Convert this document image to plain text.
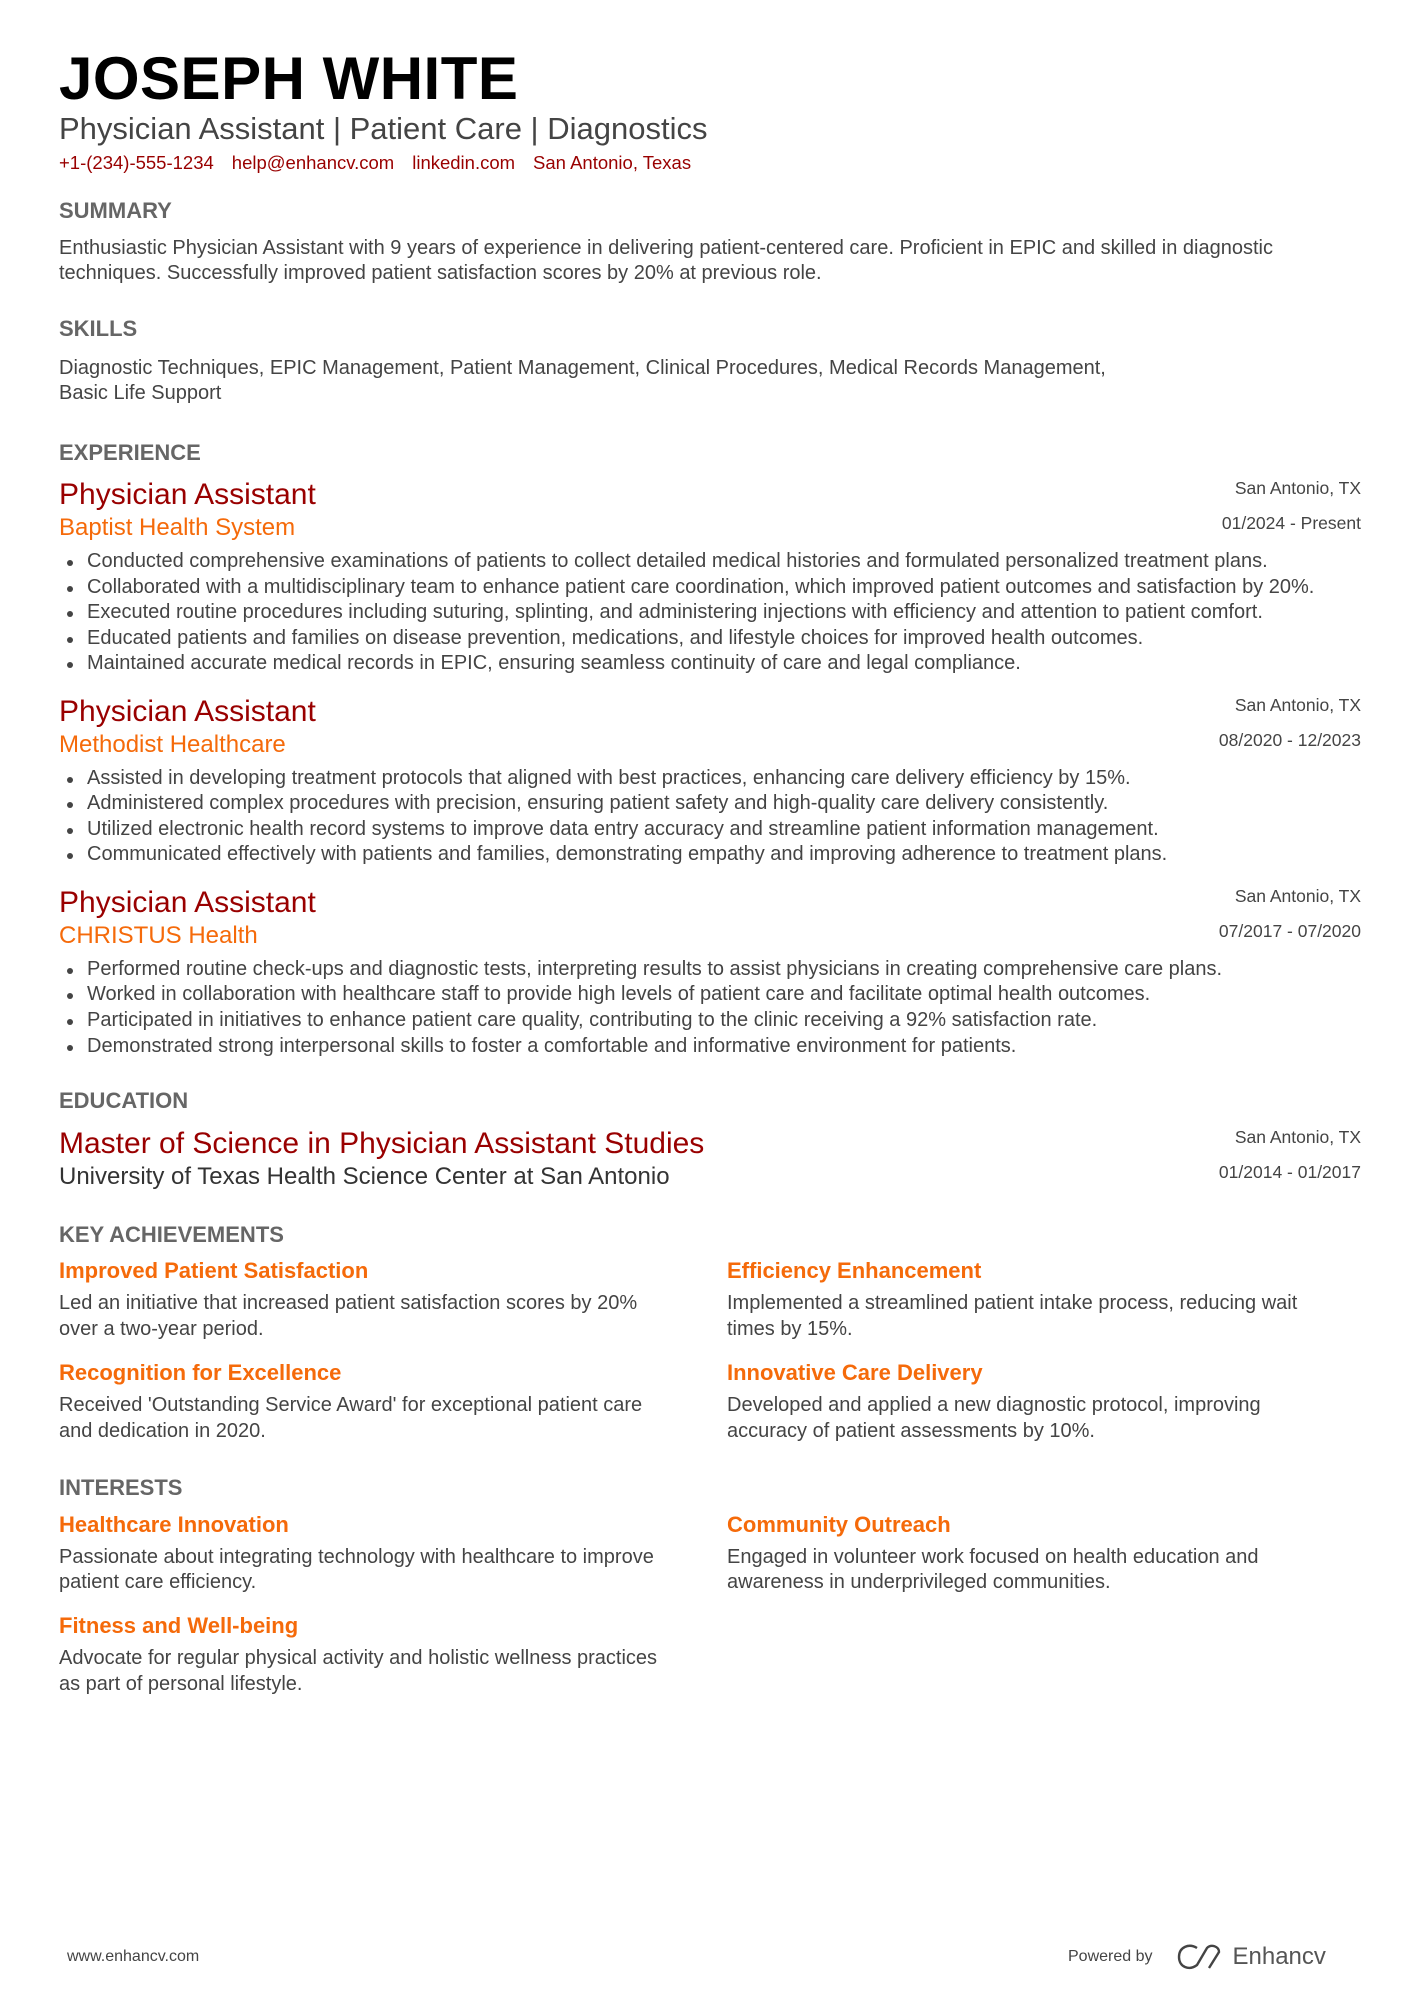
JOSEPH WHITE
Physician Assistant | Patient Care | Diagnostics
+1-(234)-555-1234 help@enhancv.com linkedin.com San Antonio, Texas
SUMMARY
Enthusiastic Physician Assistant with 9 years of experience in delivering patient-centered care. Proficient in EPIC and skilled in diagnostic techniques. Successfully improved patient satisfaction scores by 20% at previous role.
SKILLS
Diagnostic Techniques, EPIC Management, Patient Management, Clinical Procedures, Medical Records Management,
Basic Life Support
EXPERIENCE
Physician Assistant
Baptist Health System
San Antonio, TX
01/2024 - Present
Conducted comprehensive examinations of patients to collect detailed medical histories and formulated personalized treatment plans.
Collaborated with a multidisciplinary team to enhance patient care coordination, which improved patient outcomes and satisfaction by 20%.
Executed routine procedures including suturing, splinting, and administering injections with efficiency and attention to patient comfort.
Educated patients and families on disease prevention, medications, and lifestyle choices for improved health outcomes.
Maintained accurate medical records in EPIC, ensuring seamless continuity of care and legal compliance.
Physician Assistant
Methodist Healthcare
San Antonio, TX
08/2020 - 12/2023
Assisted in developing treatment protocols that aligned with best practices, enhancing care delivery efficiency by 15%.
Administered complex procedures with precision, ensuring patient safety and high-quality care delivery consistently.
Utilized electronic health record systems to improve data entry accuracy and streamline patient information management.
Communicated effectively with patients and families, demonstrating empathy and improving adherence to treatment plans.
Physician Assistant
CHRISTUS Health
San Antonio, TX
07/2017 - 07/2020
Performed routine check-ups and diagnostic tests, interpreting results to assist physicians in creating comprehensive care plans.
Worked in collaboration with healthcare staff to provide high levels of patient care and facilitate optimal health outcomes.
Participated in initiatives to enhance patient care quality, contributing to the clinic receiving a 92% satisfaction rate.
Demonstrated strong interpersonal skills to foster a comfortable and informative environment for patients.
EDUCATION
Master of Science in Physician Assistant Studies
University of Texas Health Science Center at San Antonio
San Antonio, TX
01/2014 - 01/2017
KEY ACHIEVEMENTS
Improved Patient Satisfaction
Led an initiative that increased patient satisfaction scores by 20% over a two-year period.
Efficiency Enhancement
Implemented a streamlined patient intake process, reducing wait times by 15%.
Recognition for Excellence
Received 'Outstanding Service Award' for exceptional patient care and dedication in 2020.
Innovative Care Delivery
Developed and applied a new diagnostic protocol, improving accuracy of patient assessments by 10%.
INTERESTS
Healthcare Innovation
Passionate about integrating technology with healthcare to improve patient care efficiency.
Community Outreach
Engaged in volunteer work focused on health education and awareness in underprivileged communities.
Fitness and Well-being
Advocate for regular physical activity and holistic wellness practices as part of personal lifestyle.
www.enhancv.com	Powered by	Enhancv
